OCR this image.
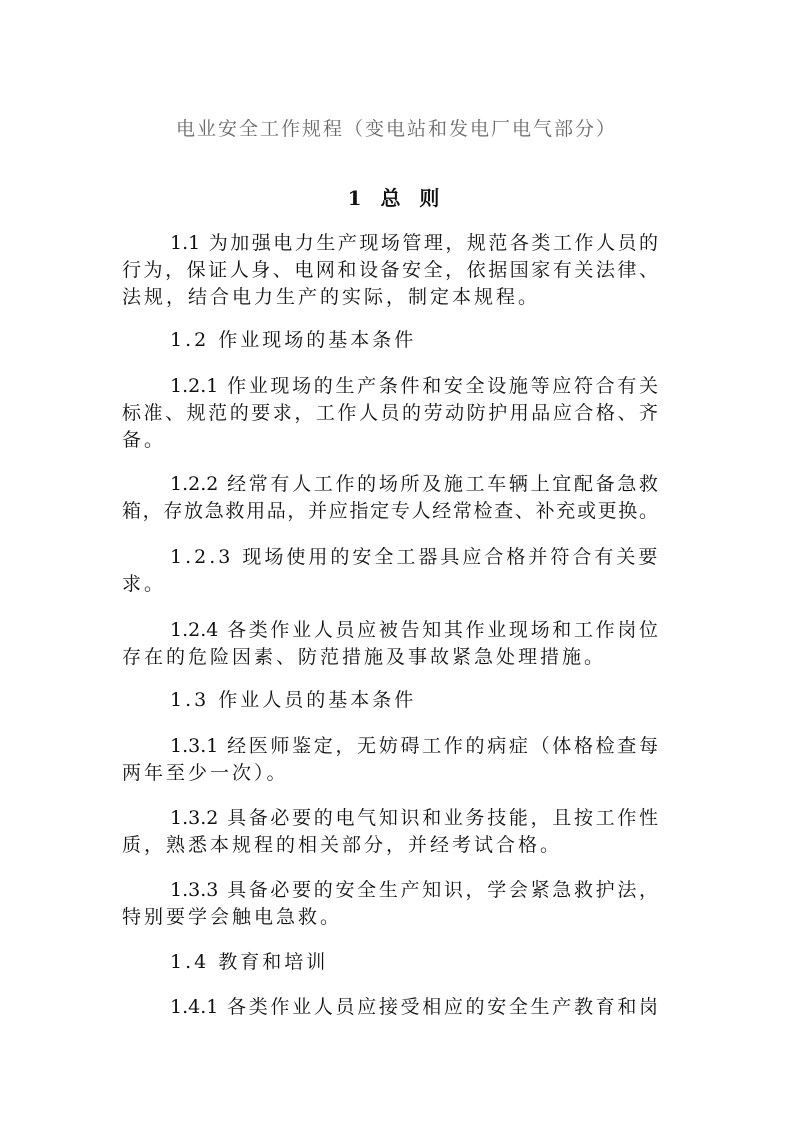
电业安全工作规程（变电站和发电厂电气部分）
1 总 则
1.1 为加强电力生产现场管理，规范各类工作人员的
行为，保证人身、电网和设备安全，依据国家有关法律、
法规，结合电力生产的实际，制定本规程。
1.2 作业现场的基本条件
1.2.1 作业现场的生产条件和安全设施等应符合有关
标准、规范的要求，工作人员的劳动防护用品应合格、齐
备。
1.2.2 经常有人工作的场所及施工车辆上宜配备急救
箱，存放急救用品，并应指定专人经常检查、补充或更换。
1.2.3 现场使用的安全工器具应合格并符合有关要
求。
1.2.4 各类作业人员应被告知其作业现场和工作岗位
存在的危险因素、防范措施及事故紧急处理措施。
1.3 作业人员的基本条件
1.3.1 经医师鉴定，无妨碍工作的病症（体格检查每
两年至少一次）。
1.3.2 具备必要的电气知识和业务技能，且按工作性
质，熟悉本规程的相关部分，并经考试合格。
1.3.3 具备必要的安全生产知识，学会紧急救护法，
特别要学会触电急救。
1.4 教育和培训
1.4.1 各类作业人员应接受相应的安全生产教育和岗
